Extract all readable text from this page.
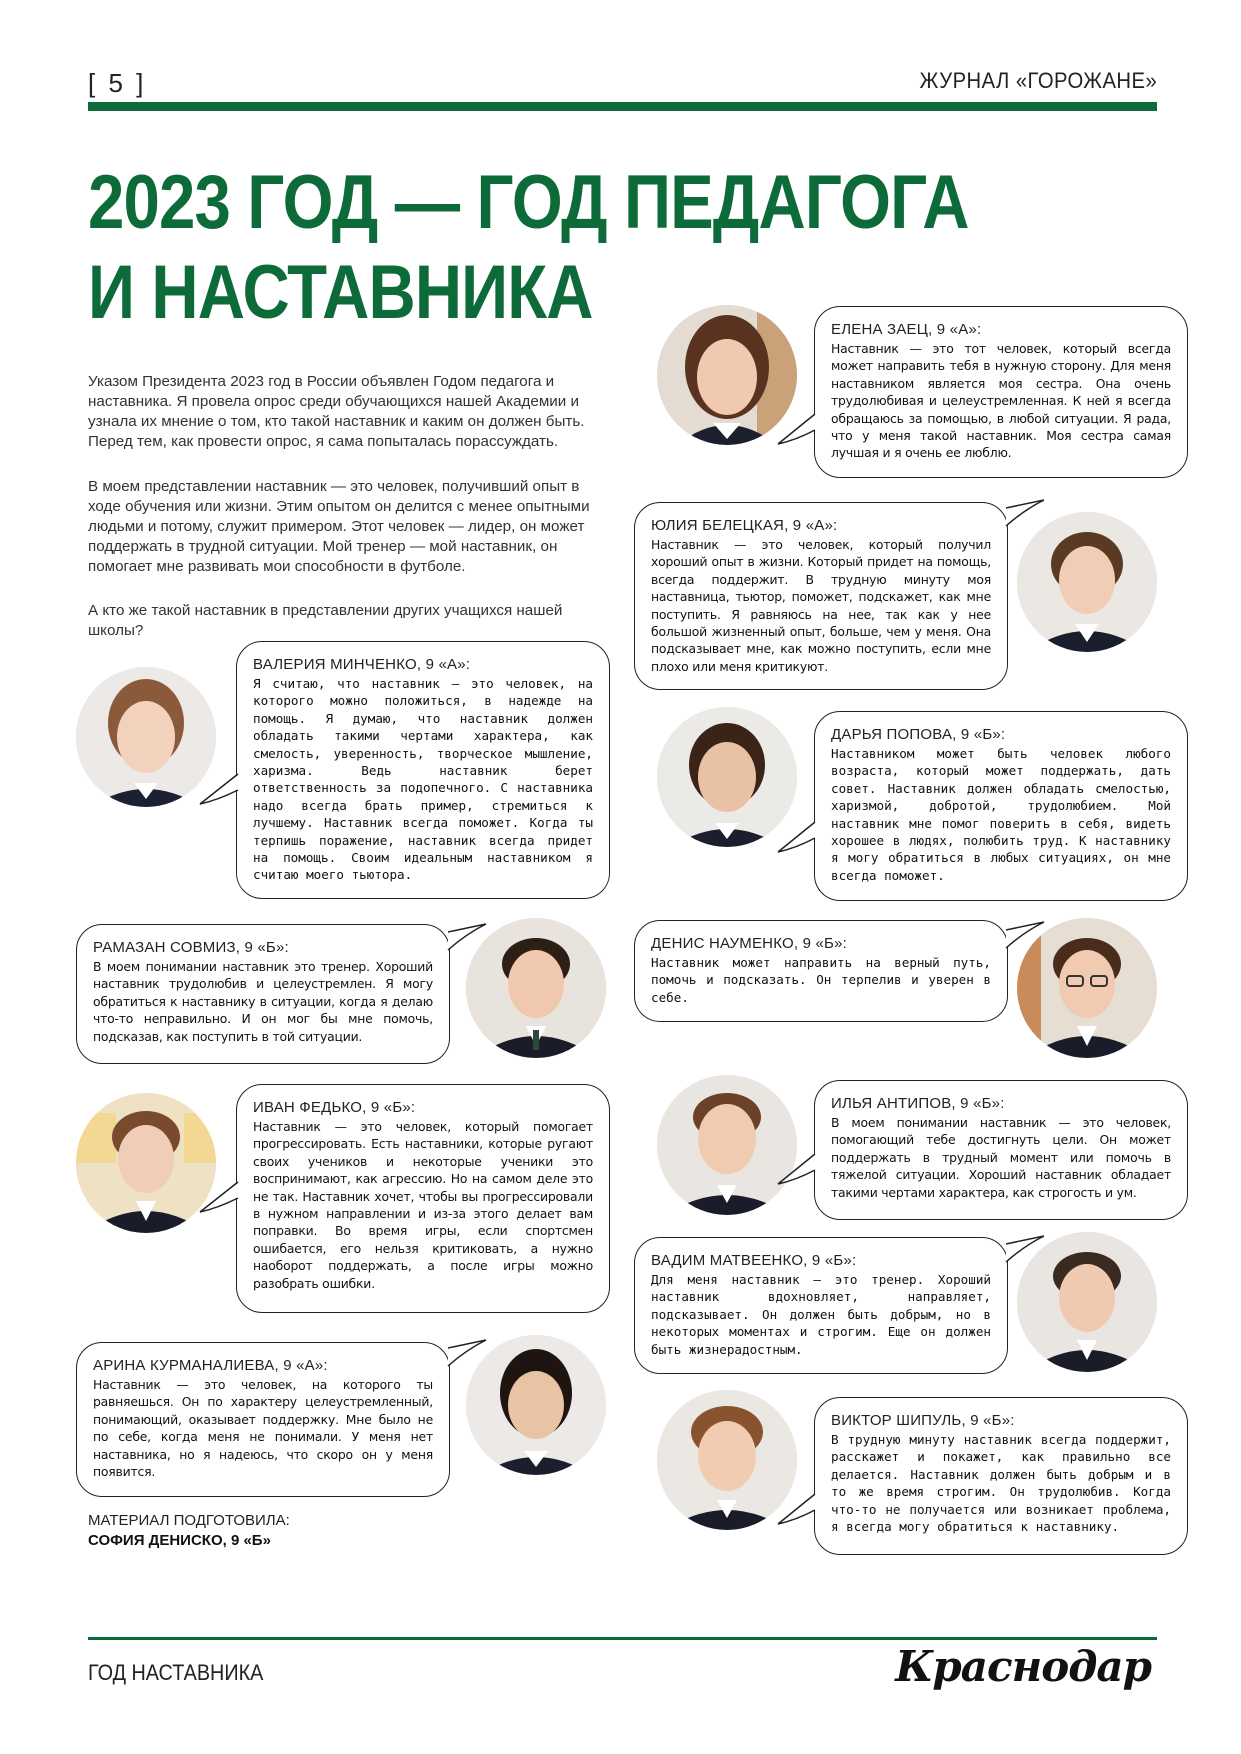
[ 5 ]	ЖУРНАЛ «ГОРОЖАНЕ»
2023 ГОД — ГОД ПЕДАГОГА
И НАСТАВНИКА
Указом Президента 2023 год в России объявлен Годом педагога и наставника. Я провела опрос среди обучающихся нашей Академии и узнала их мнение о том, кто такой наставник и каким он должен быть. Перед тем, как провести опрос, я сама попыталась порассуждать.
В моем представлении наставник — это человек, получивший опыт в ходе обучения или жизни. Этим опытом он делится с менее опытными людьми и потому, служит примером. Этот человек — лидер, он может поддержать в трудной ситуации. Мой тренер — мой наставник, он помогает мне развивать мои способности в футболе.
А кто же такой наставник в представлении других учащихся нашей школы?
ЕЛЕНА ЗАЕЦ, 9 «А»:
Наставник — это тот человек, который всегда может направить тебя в нужную сторону. Для меня наставником является моя сестра. Она очень трудолюбивая и целеустремленная. К ней я всегда обращаюсь за помощью, в любой ситуации. Я рада, что у меня такой наставник. Моя сестра самая лучшая и я очень ее люблю.
ЮЛИЯ БЕЛЕЦКАЯ, 9 «А»:
Наставник — это человек, который получил хороший опыт в жизни. Который придет на помощь, всегда поддержит. В трудную минуту моя наставница, тьютор, поможет, подскажет, как мне поступить. Я равняюсь на нее, так как у нее большой жизненный опыт, больше, чем у меня. Она подсказывает мне, как можно поступить, если мне плохо или меня критикуют.
ВАЛЕРИЯ МИНЧЕНКО, 9 «А»:
Я считаю, что наставник — это человек, на которого можно положиться, в надежде на помощь. Я думаю, что наставник должен обладать такими чертами характера, как смелость, уверенность, творческое мышление, харизма. Ведь наставник берет ответственность за подопечного. С наставника надо всегда брать пример, стремиться к лучшему. Наставник всегда поможет. Когда ты терпишь поражение, наставник всегда придет на помощь. Своим идеальным наставником я считаю моего тьютора.
ДАРЬЯ ПОПОВА, 9 «Б»:
Наставником может быть человек любого возраста, который может поддержать, дать совет. Наставник должен обладать смелостью, харизмой, добротой, трудолюбием. Мой наставник мне помог поверить в себя, видеть хорошее в людях, полюбить труд. К наставнику я могу обратиться в любых ситуациях, он мне всегда поможет.
РАМАЗАН СОВМИЗ, 9 «Б»:
В моем понимании наставник это тренер. Хороший наставник трудолюбив и целеустремлен. Я могу обратиться к наставнику в ситуации, когда я делаю что-то неправильно. И он мог бы мне помочь, подсказав, как поступить в той ситуации.
ДЕНИС НАУМЕНКО, 9 «Б»:
Наставник может направить на верный путь, помочь и подсказать. Он терпелив и уверен в себе.
ИВАН ФЕДЬКО, 9 «Б»:
Наставник — это человек, который помогает прогрессировать. Есть наставники, которые ругают своих учеников и некоторые ученики это воспринимают, как агрессию. Но на самом деле это не так. Наставник хочет, чтобы вы прогрессировали в нужном направлении и из-за этого делает вам поправки. Во время игры, если спортсмен ошибается, его нельзя критиковать, а нужно наоборот поддержать, а после игры можно разобрать ошибки.
ИЛЬЯ АНТИПОВ, 9 «Б»:
В моем понимании наставник — это человек, помогающий тебе достигнуть цели. Он может поддержать в трудный момент или помочь в тяжелой ситуации. Хороший наставник обладает такими чертами характера, как строгость и ум.
ВАДИМ МАТВЕЕНКО, 9 «Б»:
Для меня наставник — это тренер. Хороший наставник вдохновляет, направляет, подсказывает. Он должен быть добрым, но в некоторых моментах и строгим. Еще он должен быть жизнерадостным.
АРИНА КУРМАНАЛИЕВА, 9 «А»:
Наставник — это человек, на которого ты равняешься. Он по характеру целеустремленный, понимающий, оказывает поддержку. Мне было не по себе, когда меня не понимали. У меня нет наставника, но я надеюсь, что скоро он у меня появится.
ВИКТОР ШИПУЛЬ, 9 «Б»:
В трудную минуту наставник всегда поддержит, расскажет и покажет, как правильно все делается. Наставник должен быть добрым и в то же время строгим. Он трудолюбив. Когда что-то не получается или возникает проблема, я всегда могу обратиться к наставнику.
МАТЕРИАЛ ПОДГОТОВИЛА:
СОФИЯ ДЕНИСКО, 9 «Б»
ГОД НАСТАВНИКА	Краснодар
